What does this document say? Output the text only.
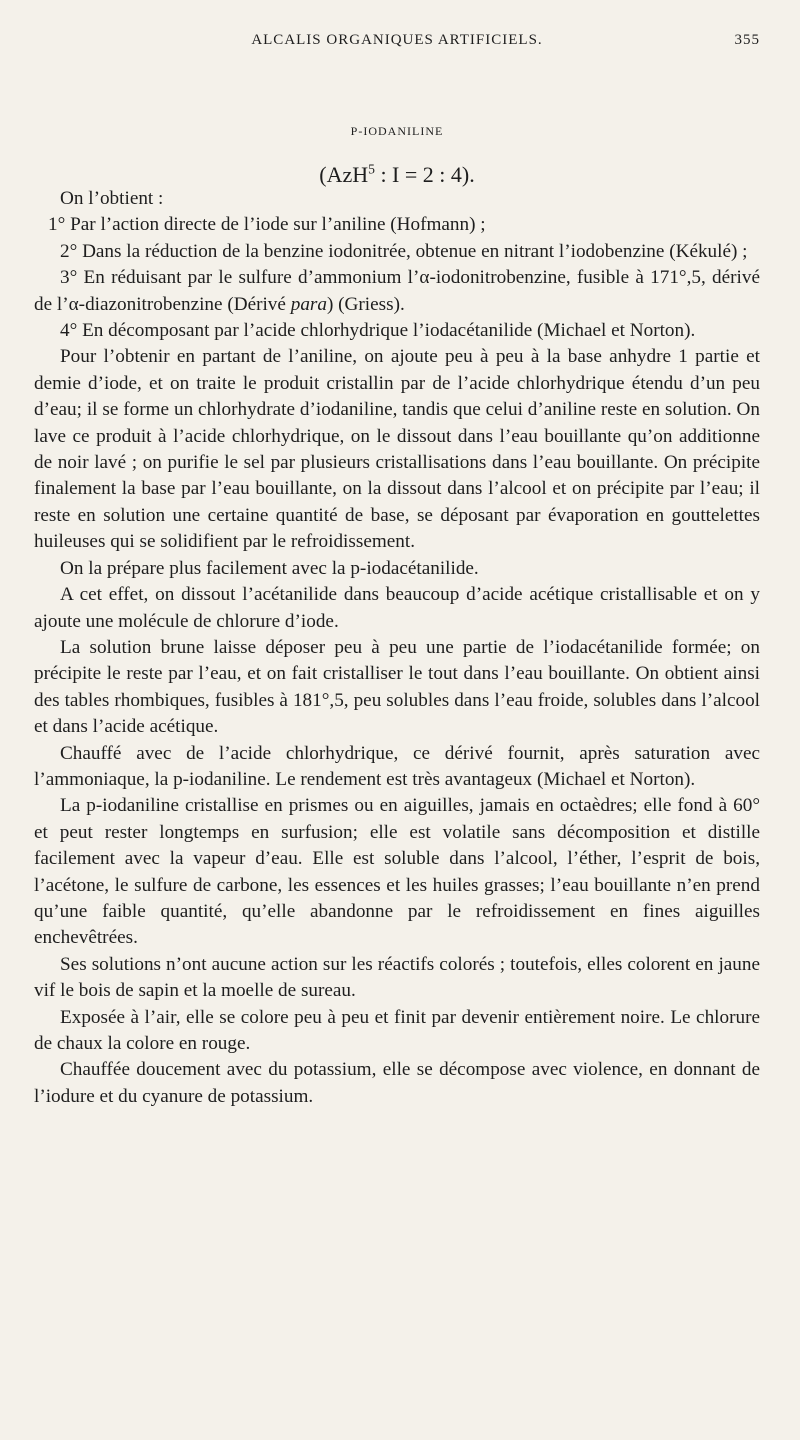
ALCALIS ORGANIQUES ARTIFICIELS.	355
P-IODANILINE
(AzH$^5$ : I = 2 : 4).

On l’obtient :

1° Par l’action directe de l’iode sur l’aniline (Hofmann) ;

2° Dans la réduction de la benzine iodonitrée, obtenue en nitrant l’iodobenzine (Kékulé) ;

3° En réduisant par le sulfure d’ammonium l’α-iodonitrobenzine, fusible à 171°,5, dérivé de l’α-diazonitrobenzine (Dérivé para) (Griess).

4° En décomposant par l’acide chlorhydrique l’iodacétanilide (Michael et Norton).

Pour l’obtenir en partant de l’aniline, on ajoute peu à peu à la base anhydre 1 partie et demie d’iode, et on traite le produit cristallin par de l’acide chlorhydrique étendu d’un peu d’eau; il se forme un chlorhydrate d’iodaniline, tandis que celui d’aniline reste en solution. On lave ce produit à l’acide chlorhydrique, on le dissout dans l’eau bouillante qu’on additionne de noir lavé ; on purifie le sel par plusieurs cristallisations dans l’eau bouillante. On précipite finalement la base par l’eau bouillante, on la dissout dans l’alcool et on précipite par l’eau; il reste en solution une certaine quantité de base, se déposant par évaporation en gouttelettes huileuses qui se solidifient par le refroidissement.

On la prépare plus facilement avec la p-iodacétanilide.

A cet effet, on dissout l’acétanilide dans beaucoup d’acide acétique cristallisable et on y ajoute une molécule de chlorure d’iode.

La solution brune laisse déposer peu à peu une partie de l’iodacétanilide formée; on précipite le reste par l’eau, et on fait cristalliser le tout dans l’eau bouillante. On obtient ainsi des tables rhombiques, fusibles à 181°,5, peu solubles dans l’eau froide, solubles dans l’alcool et dans l’acide acétique.

Chauffé avec de l’acide chlorhydrique, ce dérivé fournit, après saturation avec l’ammoniaque, la p-iodaniline. Le rendement est très avantageux (Michael et Norton).

La p-iodaniline cristallise en prismes ou en aiguilles, jamais en octaèdres; elle fond à 60° et peut rester longtemps en surfusion; elle est volatile sans décomposition et distille facilement avec la vapeur d’eau. Elle est soluble dans l’alcool, l’éther, l’esprit de bois, l’acétone, le sulfure de carbone, les essences et les huiles grasses; l’eau bouillante n’en prend qu’une faible quantité, qu’elle abandonne par le refroidissement en fines aiguilles enchevêtrées.

Ses solutions n’ont aucune action sur les réactifs colorés ; toutefois, elles colorent en jaune vif le bois de sapin et la moelle de sureau.

Exposée à l’air, elle se colore peu à peu et finit par devenir entièrement noire. Le chlorure de chaux la colore en rouge.

Chauffée doucement avec du potassium, elle se décompose avec violence, en donnant de l’iodure et du cyanure de potassium.
